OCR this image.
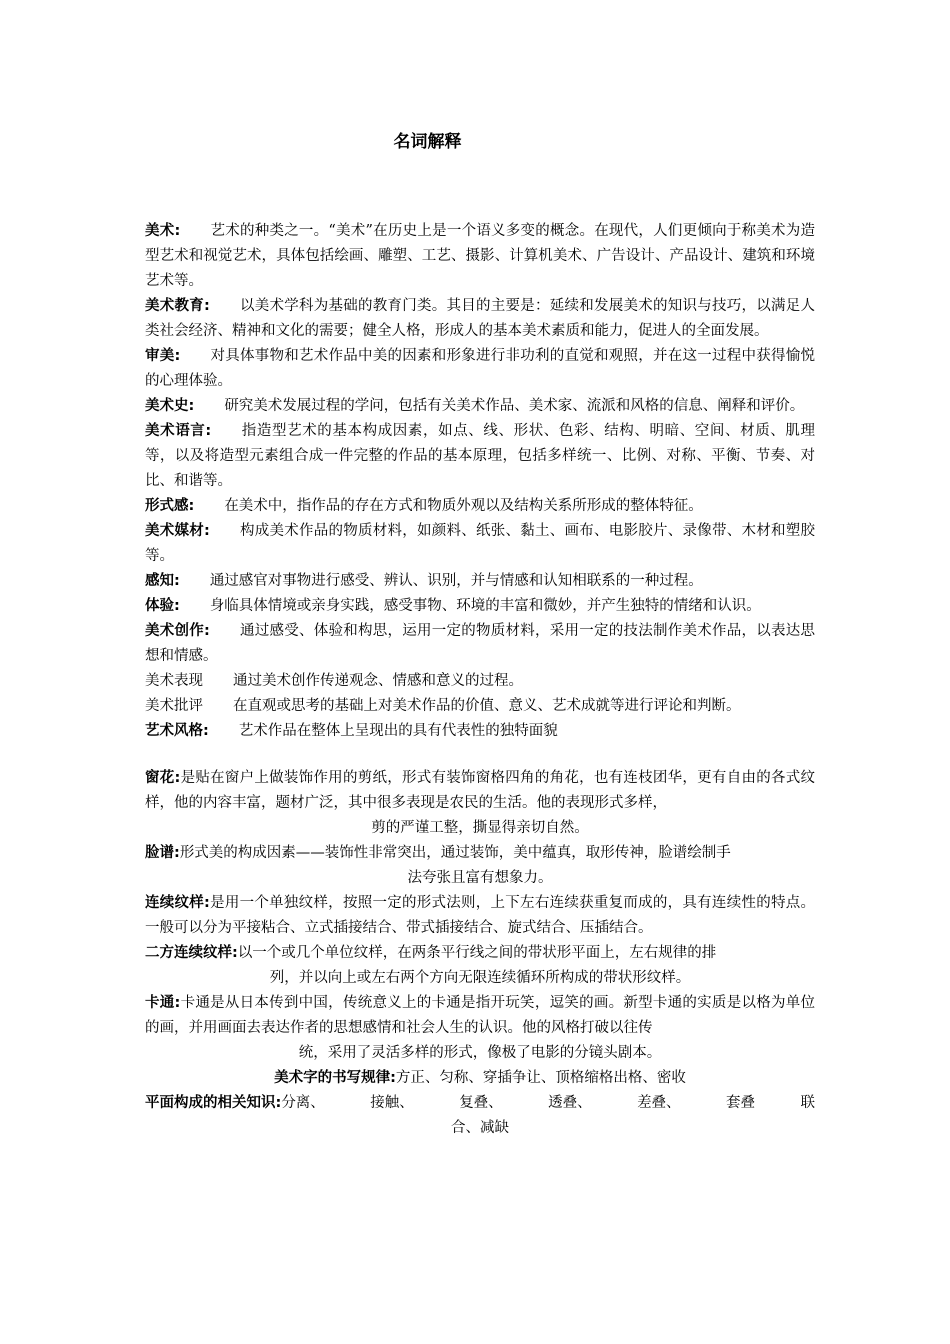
名词解释

美术: 艺术的种类之一。“美术”在历史上是一个语义多变的概念。在现代，人们更倾向于称美术为造型艺术和视觉艺术，具体包括绘画、雕塑、工艺、摄影、计算机美术、广告设计、产品设计、建筑和环境艺术等。

美术教育: 以美术学科为基础的教育门类。其目的主要是：延续和发展美术的知识与技巧，以满足人类社会经济、精神和文化的需要；健全人格，形成人的基本美术素质和能力，促进人的全面发展。

审美: 对具体事物和艺术作品中美的因素和形象进行非功利的直觉和观照，并在这一过程中获得愉悦的心理体验。

美术史: 研究美术发展过程的学问，包括有关美术作品、美术家、流派和风格的信息、阐释和评价。

美术语言: 指造型艺术的基本构成因素，如点、线、形状、色彩、结构、明暗、空间、材质、肌理等，以及将造型元素组合成一件完整的作品的基本原理，包括多样统一、比例、对称、平衡、节奏、对比、和谐等。

形式感: 在美术中，指作品的存在方式和物质外观以及结构关系所形成的整体特征。

美术媒材: 构成美术作品的物质材料，如颜料、纸张、黏土、画布、电影胶片、录像带、木材和塑胶等。

感知: 通过感官对事物进行感受、辨认、识别，并与情感和认知相联系的一种过程。

体验: 身临具体情境或亲身实践，感受事物、环境的丰富和微妙，并产生独特的情绪和认识。

美术创作: 通过感受、体验和构思，运用一定的物质材料，采用一定的技法制作美术作品，以表达思想和情感。

美术表现 通过美术创作传递观念、情感和意义的过程。

美术批评 在直观或思考的基础上对美术作品的价值、意义、艺术成就等进行评论和判断。

艺术风格: 艺术作品在整体上呈现出的具有代表性的独特面貌

窗花:是贴在窗户上做装饰作用的剪纸，形式有装饰窗格四角的角花，也有连枝团华，更有自由的各式纹样，他的内容丰富，题材广泛，其中很多表现是农民的生活。他的表现形式多样，

剪的严谨工整，撕显得亲切自然。

脸谱:形式美的构成因素——装饰性非常突出，通过装饰，美中蕴真，取形传神，脸谱绘制手

法夸张且富有想象力。

连续纹样:是用一个单独纹样，按照一定的形式法则，上下左右连续获重复而成的，具有连续性的特点。一般可以分为平接粘合、立式插接结合、带式插接结合、旋式结合、压插结合。

二方连续纹样:以一个或几个单位纹样，在两条平行线之间的带状形平面上，左右规律的排

列，并以向上或左右两个方向无限连续循环所构成的带状形纹样。

卡通:卡通是从日本传到中国，传统意义上的卡通是指开玩笑，逗笑的画。新型卡通的实质是以格为单位的画，并用画面去表达作者的思想感情和社会人生的认识。他的风格打破以往传

统，采用了灵活多样的形式，像极了电影的分镜头剧本。

美术字的书写规律:方正、匀称、穿插争让、顶格缩格出格、密收

平面构成的相关知识:分离、	接触、	复叠、	透叠、	差叠、	套叠	联

合、减缺
